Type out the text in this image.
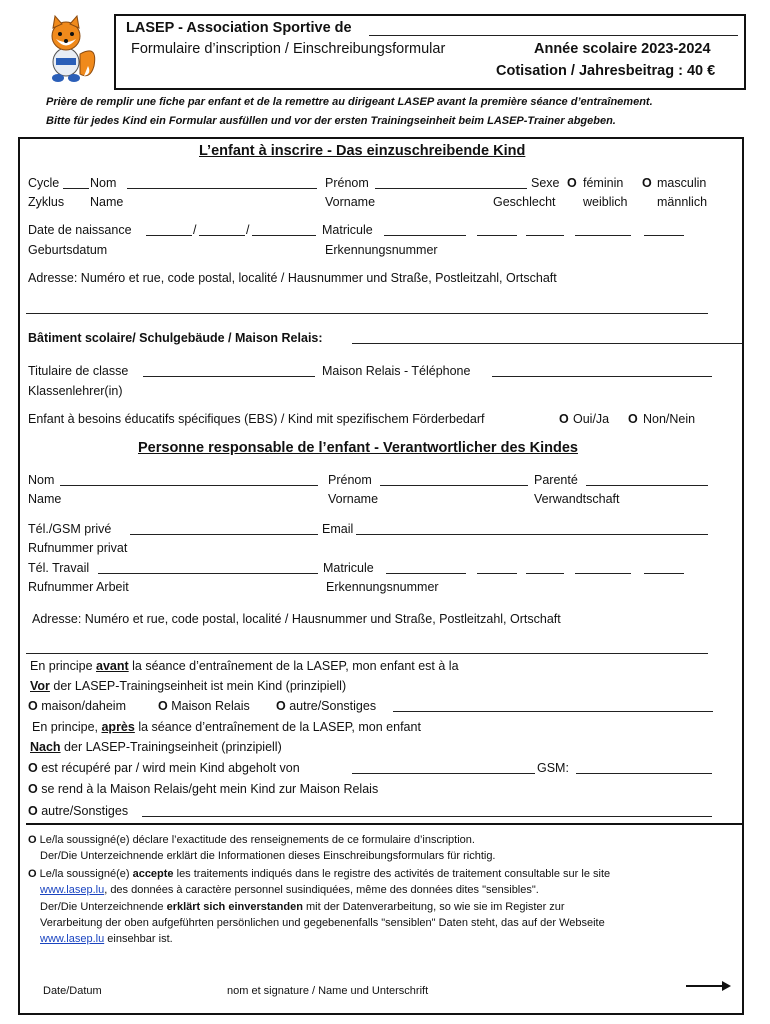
LASEP - Association Sportive de
Formulaire d’inscription / Einschreibungsformular	Année scolaire 2023-2024
Cotisation / Jahresbeitrag : 40 €
Prière de remplir une fiche par enfant et de la remettre au dirigeant LASEP avant la première séance d’entraînement.
Bitte für jedes Kind ein Formular ausfüllen und vor der ersten Trainingseinheit beim LASEP-Trainer abgeben.
L’enfant à inscrire - Das einzuschreibende Kind
Cycle Nom	Prénom	Sexe O féminin O masculin
Zyklus Name	Vorname	Geschlecht weiblich männlich
Date de naissance	/	/	Matricule
Geburtsdatum	Erkennungsnummer
Adresse: Numéro et rue, code postal, localité / Hausnummer und Straße, Postleitzahl, Ortschaft
Bâtiment scolaire/ Schulgebäude / Maison Relais:
Titulaire de classe	Maison Relais - Téléphone
Klassenlehrer(in)
Enfant à besoins éducatifs spécifiques (EBS) / Kind mit spezifischem Förderbedarf	O Oui/Ja O Non/Nein
Personne responsable de l’enfant - Verantwortlicher des Kindes
Nom	Prénom	Parenté
Name	Vorname	Verwandtschaft
Tél./GSM privé	Email
Rufnummer privat
Tél. Travail	Matricule
Rufnummer Arbeit	Erkennungsnummer
Adresse: Numéro et rue, code postal, localité / Hausnummer und Straße, Postleitzahl, Ortschaft
En principe avant la séance d’entraînement de la LASEP, mon enfant est à la
Vor der LASEP-Trainingseinheit ist mein Kind (prinzipiell)
O maison/daheim	O Maison Relais O autre/Sonstiges
En principe, après la séance d’entraînement de la LASEP, mon enfant
Nach der LASEP-Trainingseinheit (prinzipiell)
O est récupéré par / wird mein Kind abgeholt von	GSM:
O se rend à la Maison Relais/geht mein Kind zur Maison Relais
O autre/Sonstiges
O Le/la soussigné(e) déclare l’exactitude des renseignements de ce formulaire d’inscription.
Der/Die Unterzeichnende erklärt die Informationen dieses Einschreibungsformulars für richtig.
O Le/la soussigné(e) accepte les traitements indiqués dans le registre des activités de traitement consultable sur le site
www.lasep.lu, des données à caractère personnel susindiquées, même des données dites "sensibles".
Der/Die Unterzeichnende erklärt sich einverstanden mit der Datenverarbeitung, so wie sie im Register zur
Verarbeitung der oben aufgeführten persönlichen und gegebenenfalls "sensiblen" Daten steht, das auf der Webseite
www.lasep.lu einsehbar ist.
Date/Datum	nom et signature / Name und Unterschrift
